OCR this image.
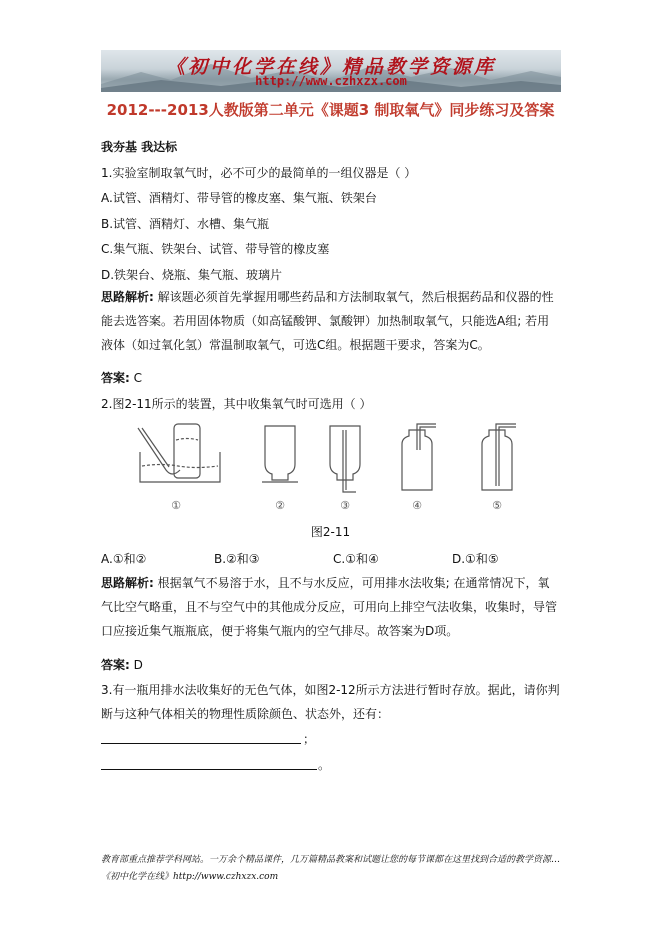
《初中化学在线》精品教学资源库
http://www.czhxzx.com
2012---2013人教版第二单元《课题3 制取氧气》同步练习及答案
我夯基 我达标
1.实验室制取氧气时，必不可少的最简单的一组仪器是（ ）
A.试管、酒精灯、带导管的橡皮塞、集气瓶、铁架台
B.试管、酒精灯、水槽、集气瓶
C.集气瓶、铁架台、试管、带导管的橡皮塞
D.铁架台、烧瓶、集气瓶、玻璃片
思路解析: 解该题必须首先掌握用哪些药品和方法制取氧气，然后根据药品和仪器的性能去选答案。若用固体物质（如高锰酸钾、氯酸钾）加热制取氧气，只能选A组; 若用液体（如过氧化氢）常温制取氧气，可选C组。根据题干要求，答案为C。
答案: C
2.图2-11所示的装置，其中收集氧气时可选用（ ）
①	②	③	④	⑤
图2-11
A.①和②	B.②和③	C.①和④	D.①和⑤
思路解析: 根据氧气不易溶于水，且不与水反应，可用排水法收集; 在通常情况下，氧气比空气略重，且不与空气中的其他成分反应，可用向上排空气法收集，收集时，导管口应接近集气瓶瓶底，便于将集气瓶内的空气排尽。故答案为D项。
答案: D
3.有一瓶用排水法收集好的无色气体，如图2-12所示方法进行暂时存放。据此，请你判断与这种气体相关的物理性质除颜色、状态外，还有：
；
。
教育部重点推荐学科网站。一万余个精品课件，几万篇精品教案和试题让您的每节课都在这里找到合适的教学资源…《初中化学在线》http://www.czhxzx.com
